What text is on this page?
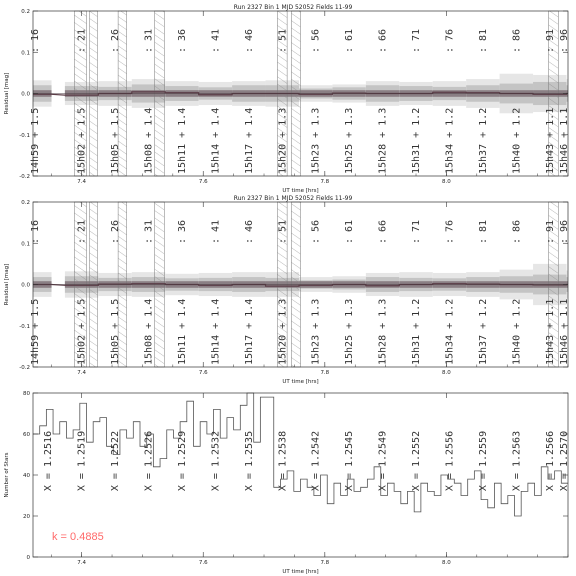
Run 2327 Bin 1 MJD 52052 Fields 11-99
: 16
14h59 + 1.5
: 21
15h02 + 1.5
: 26
15h05 + 1.5
: 31
15h08 + 1.4
: 36
15h11 + 1.4
: 41
15h14 + 1.4
: 46
15h17 + 1.4
: 51
15h20 + 1.3
: 56
15h23 + 1.3
: 61
15h25 + 1.3
: 66
15h28 + 1.3
: 71
15h31 + 1.2
: 76
15h34 + 1.2
: 81
15h37 + 1.2
: 86
15h40 + 1.2
: 91
15h43 + 1.1
: 96
15h46 + 1.1
7.4	7.6	7.8	8.0
-0.2
-0.1
0.0
0.1
0.2
UT time [hrs]
Residual [mag]
Run 2327 Bin 1 MJD 52052 Fields 11-99
: 16
14h59 + 1.5
: 21
15h02 + 1.5
: 26
15h05 + 1.5
: 31
15h08 + 1.4
: 36
15h11 + 1.4
: 41
15h14 + 1.4
: 46
15h17 + 1.4
: 51
15h20 + 1.3
: 56
15h23 + 1.3
: 61
15h25 + 1.3
: 66
15h28 + 1.3
: 71
15h31 + 1.2
: 76
15h34 + 1.2
: 81
15h37 + 1.2
: 86
15h40 + 1.2
: 91
15h43 + 1.1
: 96
15h46 + 1.1
7.4	7.6	7.8	8.0
-0.2
-0.1
0.0
0.1
0.2
UT time [hrs]
Residual [mag]
X = 1.2516 X = 1.2519 X = 1.2522 X = 1.2526 X = 1.2529 X = 1.2532 X = 1.2535 X = 1.2538 X = 1.2542 X = 1.2545 X = 1.2549 X = 1.2552 X = 1.2556 X = 1.2559 X = 1.2563 X = 1.2566 X = 1.2570
7.4	7.6	7.8	8.0
0
20
40
60
80
UT time [hrs]
Number of Stars
k = 0.4885
